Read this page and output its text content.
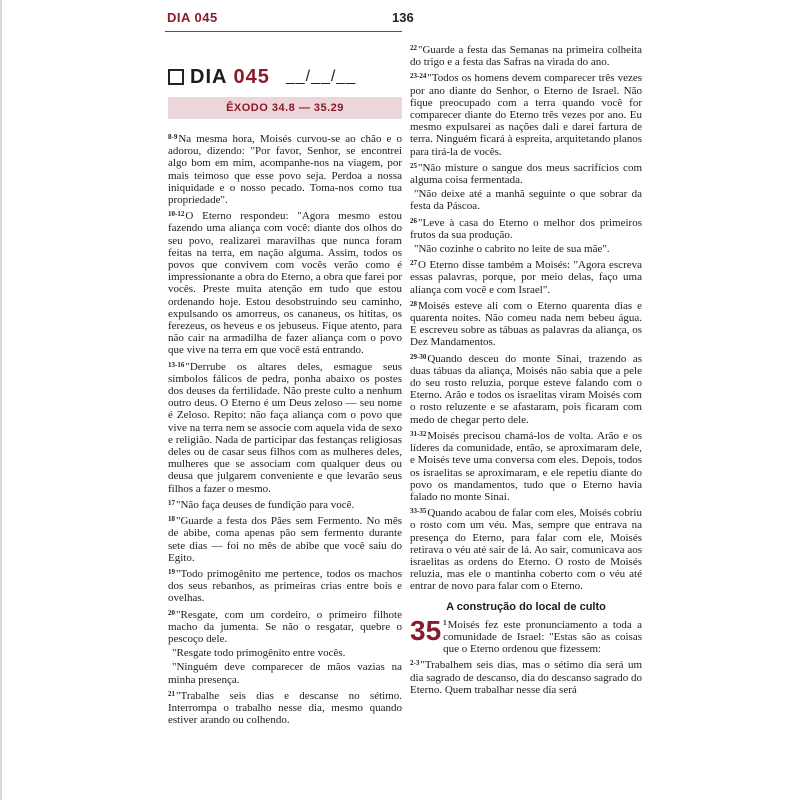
DIA 045	136
DIA 045 __/__/__
ÊXODO 34.8 — 35.29

$^{8-9}$Na mesma hora, Moisés curvou-se ao chão e o adorou, dizendo: "Por favor, Senhor, se encontrei algo bom em mim, acompanhe-nos na viagem, por mais teimoso que esse povo seja. Perdoa a nossa iniquidade e o nosso pecado. Toma-nos como tua propriedade".

$^{10-12}$O Eterno respondeu: "Agora mesmo estou fazendo uma aliança com você: diante dos olhos do seu povo, realizarei maravilhas que nunca foram feitas na terra, em nação alguma. Assim, todos os povos que convivem com vocês verão como é impressionante a obra do Eterno, a obra que farei por vocês. Preste muita atenção em tudo que estou ordenando hoje. Estou desobstruindo seu caminho, expulsando os amorreus, os cananeus, os hititas, os ferezeus, os heveus e os jebuseus. Fique atento, para não cair na armadilha de fazer aliança com o povo que vive na terra em que você está entrando.

$^{13-16}$"Derrube os altares deles, esmague seus símbolos fálicos de pedra, ponha abaixo os postes dos deuses da fertilidade. Não preste culto a nenhum outro deus. O Eterno é um Deus zeloso — seu nome é Zeloso. Repito: não faça aliança com o povo que vive na terra nem se associe com aquela vida de sexo e religião. Nada de participar das festanças religiosas deles ou de casar seus filhos com as mulheres deles, mulheres que se associam com qualquer deus ou deusa que julgarem conveniente e que levarão seus filhos a fazer o mesmo.

$^{17}$"Não faça deuses de fundição para você.

$^{18}$"Guarde a festa dos Pães sem Fermento. No mês de abibe, coma apenas pão sem fermento durante sete dias — foi no mês de abibe que você saiu do Egito.

$^{19}$"Todo primogênito me pertence, todos os machos dos seus rebanhos, as primeiras crias entre bois e ovelhas.

$^{20}$"Resgate, com um cordeiro, o primeiro filhote macho da jumenta. Se não o resgatar, quebre o pescoço dele.

"Resgate todo primogênito entre vocês.

"Ninguém deve comparecer de mãos vazias na minha presença.

$^{21}$"Trabalhe seis dias e descanse no sétimo. Interrompa o trabalho nesse dia, mesmo quando estiver arando ou colhendo.

$^{22}$"Guarde a festa das Semanas na primeira colheita do trigo e a festa das Safras na virada do ano.

$^{23-24}$"Todos os homens devem comparecer três vezes por ano diante do Senhor, o Eterno de Israel. Não fique preocupado com a terra quando você for comparecer diante do Eterno três vezes por ano. Eu mesmo expulsarei as nações dali e darei fartura de terra. Ninguém ficará à espreita, arquitetando planos para tirá-la de vocês.

$^{25}$"Não misture o sangue dos meus sacrifícios com alguma coisa fermentada.

"Não deixe até a manhã seguinte o que sobrar da festa da Páscoa.

$^{26}$"Leve à casa do Eterno o melhor dos primeiros frutos da sua produção.

"Não cozinhe o cabrito no leite de sua mãe".

$^{27}$O Eterno disse também a Moisés: "Agora escreva essas palavras, porque, por meio delas, faço uma aliança com você e com Israel".

$^{28}$Moisés esteve ali com o Eterno quarenta dias e quarenta noites. Não comeu nada nem bebeu água. E escreveu sobre as tábuas as palavras da aliança, os Dez Mandamentos.

$^{29-30}$Quando desceu do monte Sinai, trazendo as duas tábuas da aliança, Moisés não sabia que a pele do seu rosto reluzia, porque esteve falando com o Eterno. Arão e todos os israelitas viram Moisés com o rosto reluzente e se afastaram, pois ficaram com medo de chegar perto dele.

$^{31-32}$Moisés precisou chamá-los de volta. Arão e os líderes da comunidade, então, se aproximaram dele, e Moisés teve uma conversa com eles. Depois, todos os israelitas se aproximaram, e ele repetiu diante do povo os mandamentos, tudo que o Eterno havia falado no monte Sinai.

$^{33-35}$Quando acabou de falar com eles, Moisés cobriu o rosto com um véu. Mas, sempre que entrava na presença do Eterno, para falar com ele, Moisés retirava o véu até sair de lá. Ao sair, comunicava aos israelitas as ordens do Eterno. O rosto de Moisés reluzia, mas ele o mantinha coberto com o véu até entrar de novo para falar com o Eterno.

A construção do local de culto

35 $^1$Moisés fez este pronunciamento a toda a comunidade de Israel: "Estas são as coisas que o Eterno ordenou que fizessem:

$^{2-3}$"Trabalhem seis dias, mas o sétimo dia será um dia sagrado de descanso, dia do descanso sagrado do Eterno. Quem trabalhar nesse dia será
